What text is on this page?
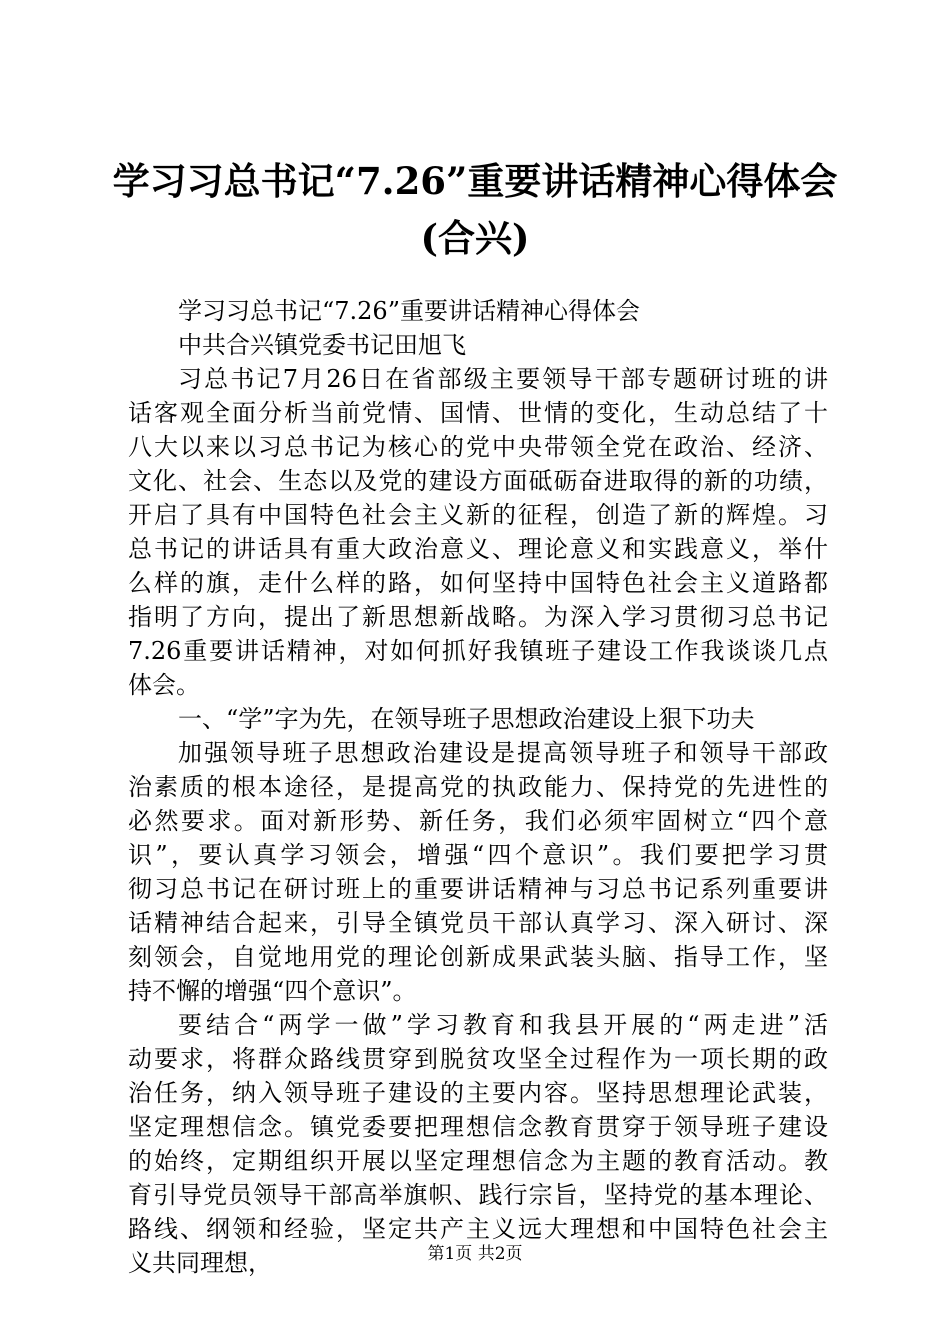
学习习总书记“7.26”重要讲话精神心得体会
(合兴)
学习习总书记“7.26”重要讲话精神心得体会
中共合兴镇党委书记田旭飞
习总书记7月26日在省部级主要领导干部专题研讨班的讲
话客观全面分析当前党情、国情、世情的变化，生动总结了十
八大以来以习总书记为核心的党中央带领全党在政治、经济、
文化、社会、生态以及党的建设方面砥砺奋进取得的新的功绩，
开启了具有中国特色社会主义新的征程，创造了新的辉煌。习
总书记的讲话具有重大政治意义、理论意义和实践意义，举什
么样的旗，走什么样的路，如何坚持中国特色社会主义道路都
指明了方向，提出了新思想新战略。为深入学习贯彻习总书记
7.26重要讲话精神，对如何抓好我镇班子建设工作我谈谈几点
体会。
一、“学”字为先，在领导班子思想政治建设上狠下功夫
加强领导班子思想政治建设是提高领导班子和领导干部政
治素质的根本途径，是提高党的执政能力、保持党的先进性的
必然要求。面对新形势、新任务，我们必须牢固树立“四个意
识”，要认真学习领会，增强“四个意识”。我们要把学习贯
彻习总书记在研讨班上的重要讲话精神与习总书记系列重要讲
话精神结合起来，引导全镇党员干部认真学习、深入研讨、深
刻领会，自觉地用党的理论创新成果武装头脑、指导工作，坚
持不懈的增强“四个意识”。
要结合“两学一做”学习教育和我县开展的“两走进”活
动要求，将群众路线贯穿到脱贫攻坚全过程作为一项长期的政
治任务，纳入领导班子建设的主要内容。坚持思想理论武装，
坚定理想信念。镇党委要把理想信念教育贯穿于领导班子建设
的始终，定期组织开展以坚定理想信念为主题的教育活动。教
育引导党员领导干部高举旗帜、践行宗旨，坚持党的基本理论、
路线、纲领和经验，坚定共产主义远大理想和中国特色社会主
义共同理想，	第1页 共2页
